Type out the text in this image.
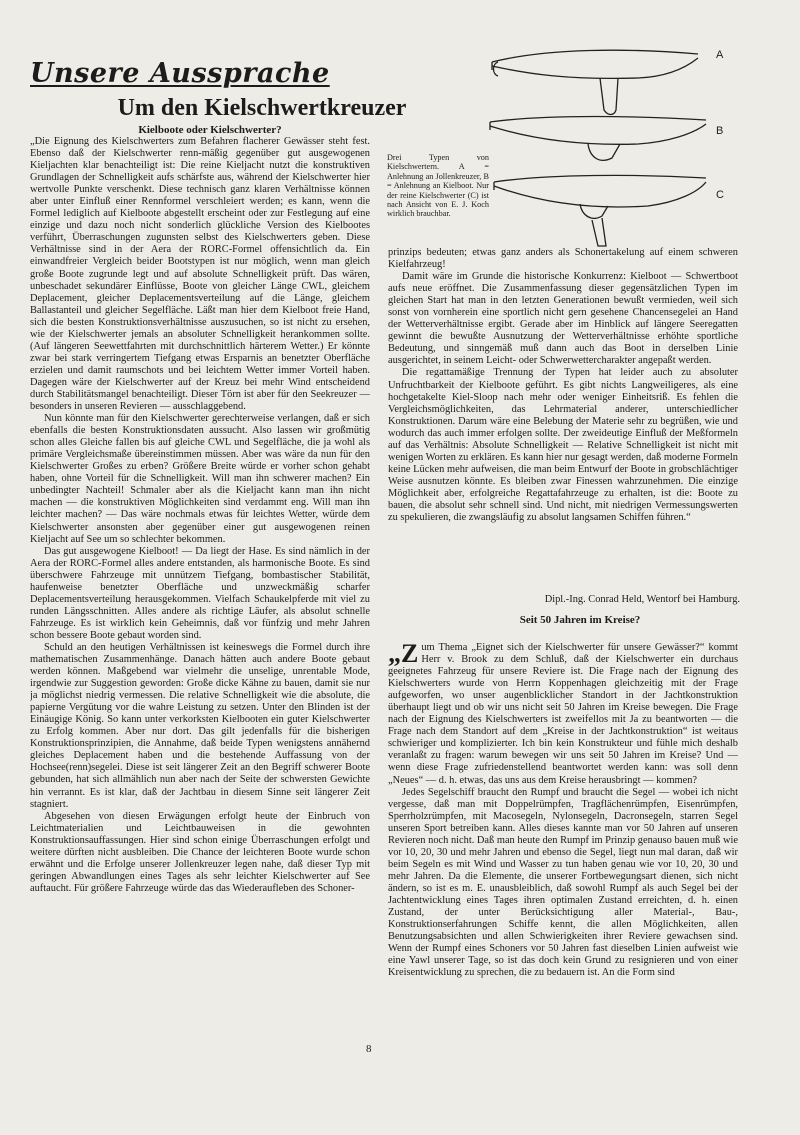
Unsere Aussprache
Um den Kielschwertkreuzer
Kielboote oder Kielschwerter?

„Die Eignung des Kielschwerters zum Befahren flacherer Gewässer steht fest. Ebenso daß der Kielschwerter renn-mäßig gegenüber gut ausgewogenen Kieljachten klar benachteiligt ist: Die reine Kieljacht nutzt die konstruktiven Grundlagen der Schnelligkeit aufs schärfste aus, während der Kielschwerter hier wertvolle Punkte verschenkt. Diese technisch ganz klaren Verhältnisse können aber unter Einfluß einer Rennformel verschleiert werden; es kann, wenn die Formel lediglich auf Kielboote abgestellt erscheint oder zur Festlegung auf eine einzige und dazu noch nicht sonderlich glückliche Version des Kielbootes verführt, Überraschungen zugunsten selbst des Kielschwerters geben. Diese Verhältnisse sind in der Aera der RORC-Formel offensichtlich da. Ein einwandfreier Vergleich beider Bootstypen ist nur möglich, wenn man gleich große Boote zugrunde legt und auf absolute Schnelligkeit prüft. Das wären, unbeschadet sekundärer Einflüsse, Boote von gleicher Länge CWL, gleichem Deplacement, gleicher Deplacementsverteilung auf die Länge, gleichem Ballastanteil und gleicher Segelfläche. Läßt man hier dem Kielboot freie Hand, sich die besten Konstruktionsverhältnisse auszusuchen, so ist nicht zu ersehen, wie der Kielschwerter jemals an absoluter Schnelligkeit herankommen sollte. (Auf längeren Seewettfahrten mit durchschnittlich härterem Wetter.) Er könnte zwar bei stark verringertem Tiefgang etwas Ersparnis an benetzter Oberfläche erzielen und damit raumschots und bei leichtem Wetter immer Vorteil haben. Dagegen wäre der Kielschwerter auf der Kreuz bei mehr Wind entscheidend durch Stabilitätsmangel benachteiligt. Dieser Törn ist aber für den Seekreuzer — besonders in unseren Revieren — ausschlaggebend.

Nun könnte man für den Kielschwerter gerechterweise verlangen, daß er sich ebenfalls die besten Konstruktionsdaten aussucht. Also lassen wir großmütig schon alles Gleiche fallen bis auf gleiche CWL und Segelfläche, die ja wohl als primäre Vergleichsmaße übereinstimmen müssen. Aber was wäre da nun für den Kielschwerter Großes zu erben? Größere Breite würde er vorher schon gehabt haben, ohne Vorteil für die Schnelligkeit. Will man ihn schwerer machen? Ein unbedingter Nachteil! Schmaler aber als die Kieljacht kann man ihn nicht machen — die konstruktiven Möglichkeiten sind verdammt eng. Will man ihn leichter machen? — Das wäre nochmals etwas für leichtes Wetter, würde dem Kielschwerter ansonsten aber gegenüber einer gut ausgewogenen reinen Kieljacht auf See um so schlechter bekommen.

Das gut ausgewogene Kielboot! — Da liegt der Hase. Es sind nämlich in der Aera der RORC-Formel alles andere entstanden, als harmonische Boote. Es sind überschwere Fahrzeuge mit unnützem Tiefgang, bombastischer Stabilität, haufenweise benetzter Oberfläche und unzweckmäßig scharfer Deplacementsverteilung herausgekommen. Vielfach Schaukelpferde mit viel zu runden Längsschnitten. Alles andere als richtige Läufer, als absolut schnelle Fahrzeuge. Es ist wirklich kein Geheimnis, daß vor fünfzig und mehr Jahren schon bessere Boote gebaut worden sind.

Schuld an den heutigen Verhältnissen ist keineswegs die Formel durch ihre mathematischen Zusammenhänge. Danach hätten auch andere Boote gebaut werden können. Maßgebend war vielmehr die unselige, unrentable Mode, irgendwie zur Suggestion geworden: Große dicke Kähne zu bauen, damit sie nur ja möglichst niedrig vermessen. Die relative Schnelligkeit wie die absolute, die papierne Vergütung vor die wahre Leistung zu setzen. Unter den Blinden ist der Einäugige König. So kann unter verkorksten Kielbooten ein guter Kielschwerter zu Erfolg kommen. Aber nur dort. Das gilt jedenfalls für die bisherigen Konstruktionsprinzipien, die Annahme, daß beide Typen wenigstens annähernd gleiches Deplacement haben und die bestehende Auffassung von der Hochsee(renn)segelei. Diese ist seit längerer Zeit an den Begriff schwerer Boote gebunden, hat sich allmählich nun aber nach der Seite der schwersten Gewichte hin verrannt. Es ist klar, daß der Jachtbau in diesem Sinne seit längerer Zeit stagniert.

Abgesehen von diesen Erwägungen erfolgt heute der Einbruch von Leichtmaterialien und Leichtbauweisen in die gewohnten Konstruktionsauffassungen. Hier sind schon einige Überraschungen erfolgt und weitere dürften nicht ausbleiben. Die Chance der leichteren Boote wurde schon erwähnt und die Erfolge unserer Jollenkreuzer legen nahe, daß dieser Typ mit geringen Abwandlungen eines Tages als sehr leichter Kielschwerter auf See auftaucht. Für größere Fahrzeuge würde das das Wiederaufleben des Schoner-

A
B
C
Drei Typen von Kielschwertern. A = Anlehnung an Jollenkreuzer, B = Anlehnung an Kielboot. Nur der reine Kielschwerter (C) ist nach Ansicht von E. J. Koch wirklich brauchbar.

prinzips bedeuten; etwas ganz anders als Schonertakelung auf einem schweren Kielfahrzeug!

Damit wäre im Grunde die historische Konkurrenz: Kielboot — Schwertboot aufs neue eröffnet. Die Zusammenfassung dieser gegensätzlichen Typen im gleichen Start hat man in den letzten Generationen bewußt vermieden, weil sich sonst von vornherein eine sportlich nicht gern gesehene Chancensegelei an Hand der Wetterverhältnisse ergibt. Gerade aber im Hinblick auf längere Seeregatten gewinnt die bewußte Ausnutzung der Wetterverhältnisse erhöhte sportliche Bedeutung, und sinngemäß muß dann auch das Boot in derselben Linie ausgerichtet, in seinem Leicht- oder Schwerwettercharakter angepaßt werden.

Die regattamäßige Trennung der Typen hat leider auch zu absoluter Unfruchtbarkeit der Kielboote geführt. Es gibt nichts Langweiligeres, als eine hochgetakelte Kiel-Sloop nach mehr oder weniger Einheitsriß. Es fehlen die Vergleichsmöglichkeiten, das Lehrmaterial anderer, unterschiedlicher Konstruktionen. Darum wäre eine Belebung der Materie sehr zu begrüßen, wie und wodurch das auch immer erfolgen sollte. Der zweideutige Einfluß der Meßformeln auf das Verhältnis: Absolute Schnelligkeit — Relative Schnelligkeit ist nicht mit wenigen Worten zu erklären. Es kann hier nur gesagt werden, daß moderne Formeln keine Lücken mehr aufweisen, die man beim Entwurf der Boote in grobschlächtiger Weise ausnutzen könnte. Es bleiben zwar Finessen wahrzunehmen. Die einzige Möglichkeit aber, erfolgreiche Regattafahrzeuge zu erhalten, ist die: Boote zu bauen, die absolut sehr schnell sind. Und nicht, mit niedrigen Vermessungswerten zu spekulieren, die zwangsläufig zu absolut langsamen Schiffen führen.“

Dipl.-Ing. Conrad Held, Wentorf bei Hamburg.
Seit 50 Jahren im Kreise?

„Zum Thema „Eignet sich der Kielschwerter für unsere Gewässer?“ kommt Herr v. Brook zu dem Schluß, daß der Kielschwerter ein durchaus geeignetes Fahrzeug für unsere Reviere ist. Die Frage nach der Eignung des Kielschwerters wurde von Herrn Koppenhagen gleichzeitig mit der Frage aufgeworfen, wo unser augenblicklicher Standort in der Jachtkonstruktion überhaupt liegt und ob wir uns nicht seit 50 Jahren im Kreise bewegen. Die Frage nach der Eignung des Kielschwerters ist zweifellos mit Ja zu beantworten — die Frage nach dem Standort auf dem „Kreise in der Jachtkonstruktion“ ist weitaus schwieriger und komplizierter. Ich bin kein Konstrukteur und fühle mich deshalb veranlaßt zu fragen: warum bewegen wir uns seit 50 Jahren im Kreise? Und — wenn diese Frage zufriedenstellend beantwortet werden kann: was soll denn „Neues“ — d. h. etwas, das uns aus dem Kreise herausbringt — kommen?

Jedes Segelschiff braucht den Rumpf und braucht die Segel — wobei ich nicht vergesse, daß man mit Doppelrümpfen, Tragflächenrümpfen, Eisenrümpfen, Sperrholzrümpfen, mit Macosegeln, Nylonsegeln, Dacronsegeln, starren Segel unseren Sport betreiben kann. Alles dieses kannte man vor 50 Jahren auf unseren Revieren noch nicht. Daß man heute den Rumpf im Prinzip genauso bauen muß wie vor 10, 20, 30 und mehr Jahren und ebenso die Segel, liegt nun mal daran, daß wir beim Segeln es mit Wind und Wasser zu tun haben genau wie vor 10, 20, 30 und mehr Jahren. Da die Elemente, die unserer Fortbewegungsart dienen, sich nicht ändern, so ist es m. E. unausbleiblich, daß sowohl Rumpf als auch Segel bei der Jachtentwicklung eines Tages ihren optimalen Zustand erreichten, d. h. einen Zustand, der unter Berücksichtigung aller Material-, Bau-, Konstruktionserfahrungen Schiffe kennt, die allen Möglichkeiten, allen Benutzungsabsichten und allen Schwierigkeiten ihrer Reviere gewachsen sind. Wenn der Rumpf eines Schoners vor 50 Jahren fast dieselben Linien aufweist wie eine Yawl unserer Tage, so ist das doch kein Grund zu resignieren und von einer Kreisentwicklung zu sprechen, die zu bedauern ist. An die Form sind

8
